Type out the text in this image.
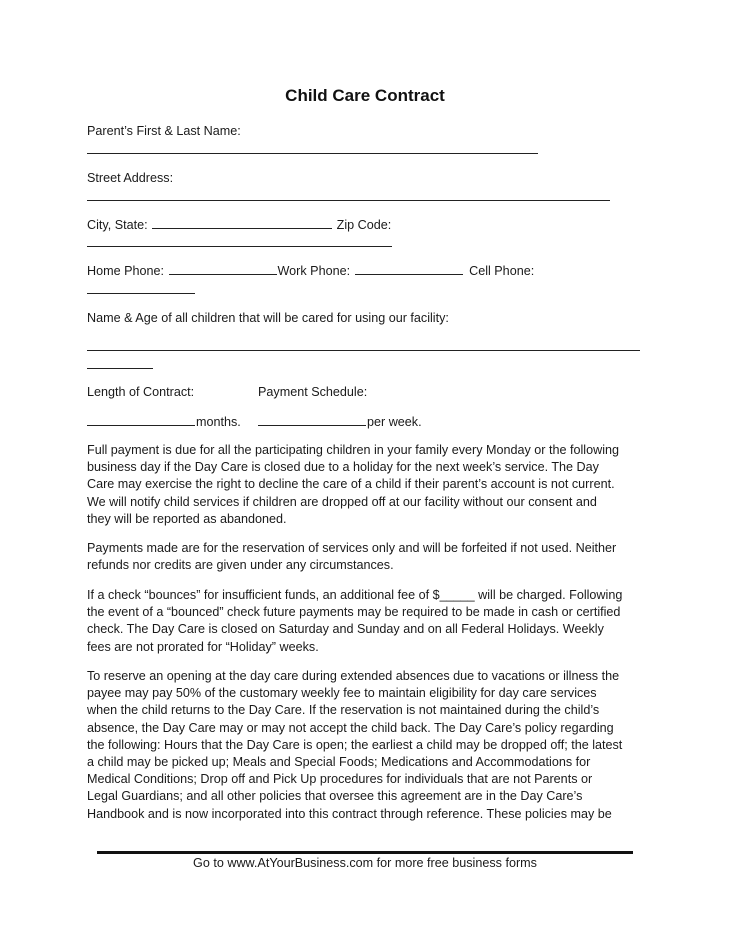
Child Care Contract
Parent’s First & Last Name:
Street Address:
City, State:	Zip Code:
Home Phone:	Work Phone:	Cell Phone:
Name & Age of all children that will be cared for using our facility:
Length of Contract:	Payment Schedule:
months.	per week.
Full payment is due for all the participating children in your family every Monday or the following
business day if the Day Care is closed due to a holiday for the next week’s service. The Day
Care may exercise the right to decline the care of a child if their parent’s account is not current.
We will notify child services if children are dropped off at our facility without our consent and
they will be reported as abandoned.
Payments made are for the reservation of services only and will be forfeited if not used. Neither
refunds nor credits are given under any circumstances.
If a check “bounces” for insufficient funds, an additional fee of $_____ will be charged. Following
the event of a “bounced” check future payments may be required to be made in cash or certified
check. The Day Care is closed on Saturday and Sunday and on all Federal Holidays. Weekly
fees are not prorated for “Holiday” weeks.
To reserve an opening at the day care during extended absences due to vacations or illness the
payee may pay 50% of the customary weekly fee to maintain eligibility for day care services
when the child returns to the Day Care. If the reservation is not maintained during the child’s
absence, the Day Care may or may not accept the child back. The Day Care’s policy regarding
the following: Hours that the Day Care is open; the earliest a child may be dropped off; the latest
a child may be picked up; Meals and Special Foods; Medications and Accommodations for
Medical Conditions; Drop off and Pick Up procedures for individuals that are not Parents or
Legal Guardians; and all other policies that oversee this agreement are in the Day Care’s
Handbook and is now incorporated into this contract through reference. These policies may be
Go to www.AtYourBusiness.com for more free business forms
